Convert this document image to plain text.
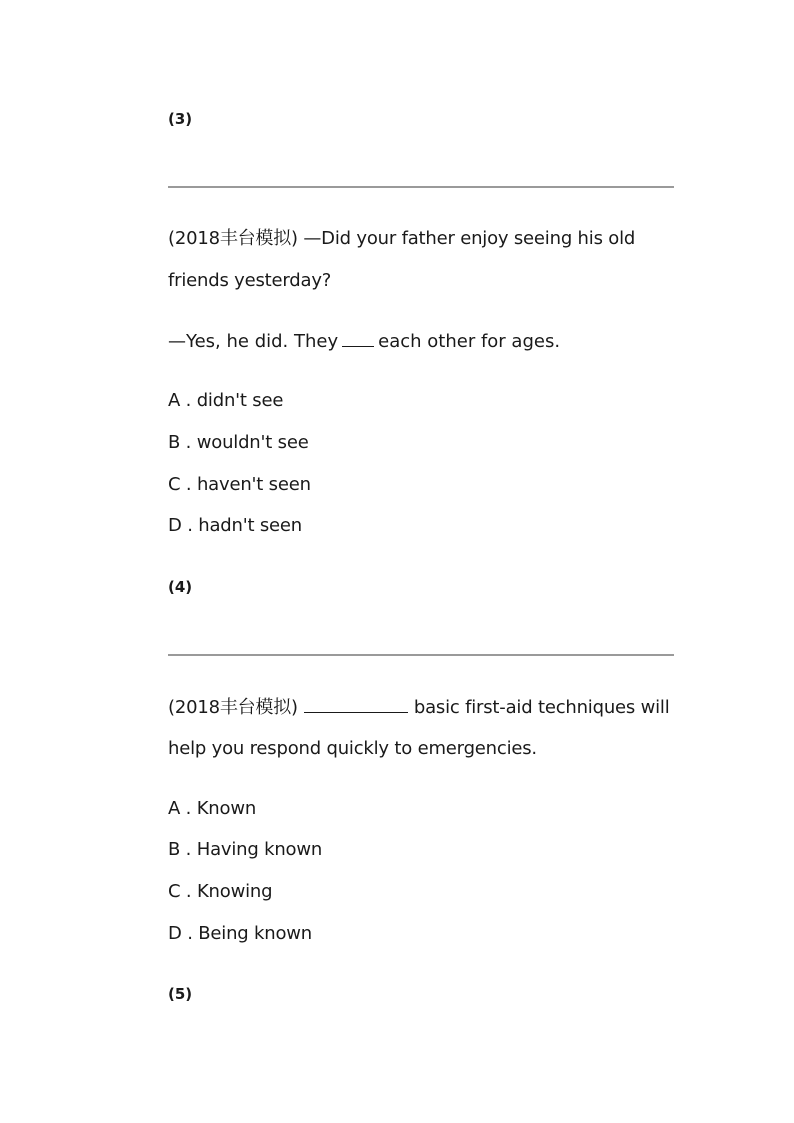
(3)

(2018丰台模拟) —Did your father enjoy seeing his old

friends yesterday?

—Yes, he did. They each other for ages.

A . didn't see

B . wouldn't see

C . haven't seen

D . hadn't seen

(4)

(2018丰台模拟)	basic first-aid techniques will

help you respond quickly to emergencies.

A . Known

B . Having known

C . Knowing

D . Being known

(5)
